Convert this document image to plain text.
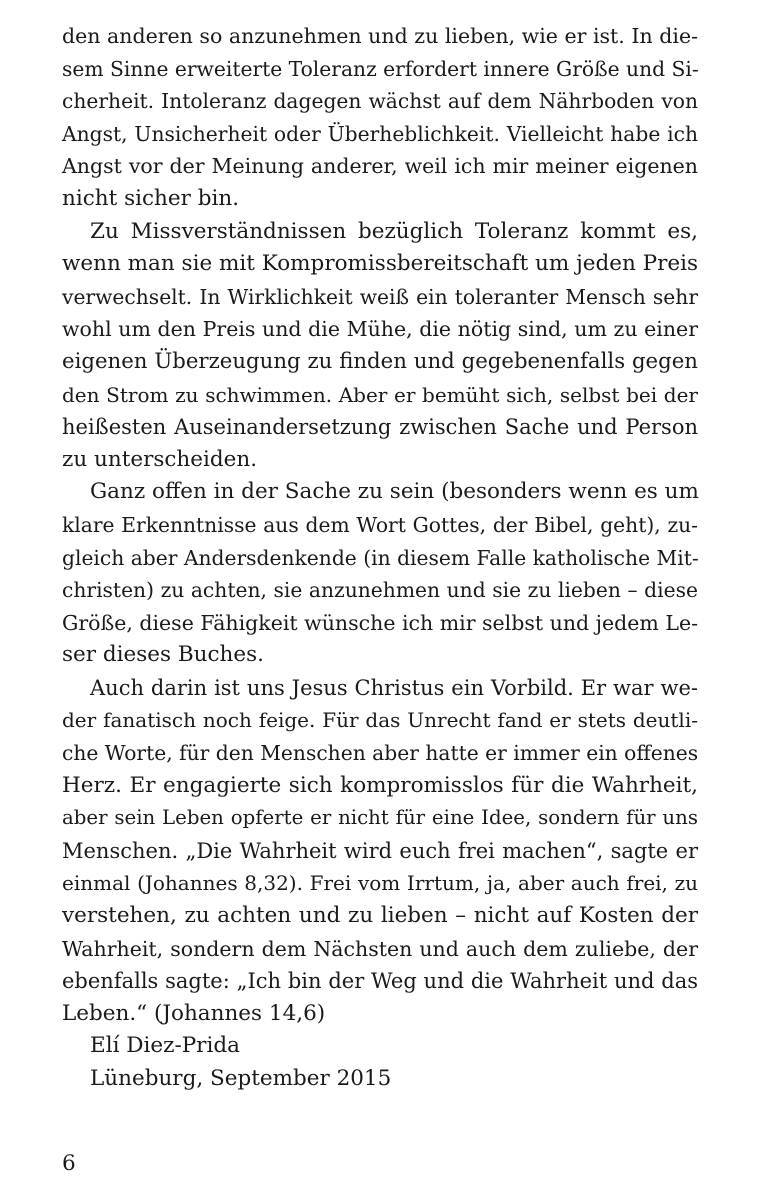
den anderen so anzunehmen und zu lieben, wie er ist. In die-
sem Sinne erweiterte Toleranz erfordert innere Größe und Si-
cherheit. Intoleranz dagegen wächst auf dem Nährboden von
Angst, Unsicherheit oder Überheblichkeit. Vielleicht habe ich
Angst vor der Meinung anderer, weil ich mir meiner eigenen
nicht sicher bin.
Zu Missverständnissen bezüglich Toleranz kommt es,
wenn man sie mit Kompromissbereitschaft um jeden Preis
verwechselt. In Wirklichkeit weiß ein toleranter Mensch sehr
wohl um den Preis und die Mühe, die nötig sind, um zu einer
eigenen Überzeugung zu finden und gegebenenfalls gegen
den Strom zu schwimmen. Aber er bemüht sich, selbst bei der
heißesten Auseinandersetzung zwischen Sache und Person
zu unterscheiden.
Ganz offen in der Sache zu sein (besonders wenn es um
klare Erkenntnisse aus dem Wort Gottes, der Bibel, geht), zu-
gleich aber Andersdenkende (in diesem Falle katholische Mit-
christen) zu achten, sie anzunehmen und sie zu lieben – diese
Größe, diese Fähigkeit wünsche ich mir selbst und jedem Le-
ser dieses Buches.
Auch darin ist uns Jesus Christus ein Vorbild. Er war we-
der fanatisch noch feige. Für das Unrecht fand er stets deutli-
che Worte, für den Menschen aber hatte er immer ein offenes
Herz. Er engagierte sich kompromisslos für die Wahrheit,
aber sein Leben opferte er nicht für eine Idee, sondern für uns
Menschen. „Die Wahrheit wird euch frei machen“, sagte er
einmal (Johannes 8,32). Frei vom Irrtum, ja, aber auch frei, zu
verstehen, zu achten und zu lieben – nicht auf Kosten der
Wahrheit, sondern dem Nächsten und auch dem zuliebe, der
ebenfalls sagte: „Ich bin der Weg und die Wahrheit und das
Leben.“ (Johannes 14,6)
Elí Diez-Prida
Lüneburg, September 2015
6
